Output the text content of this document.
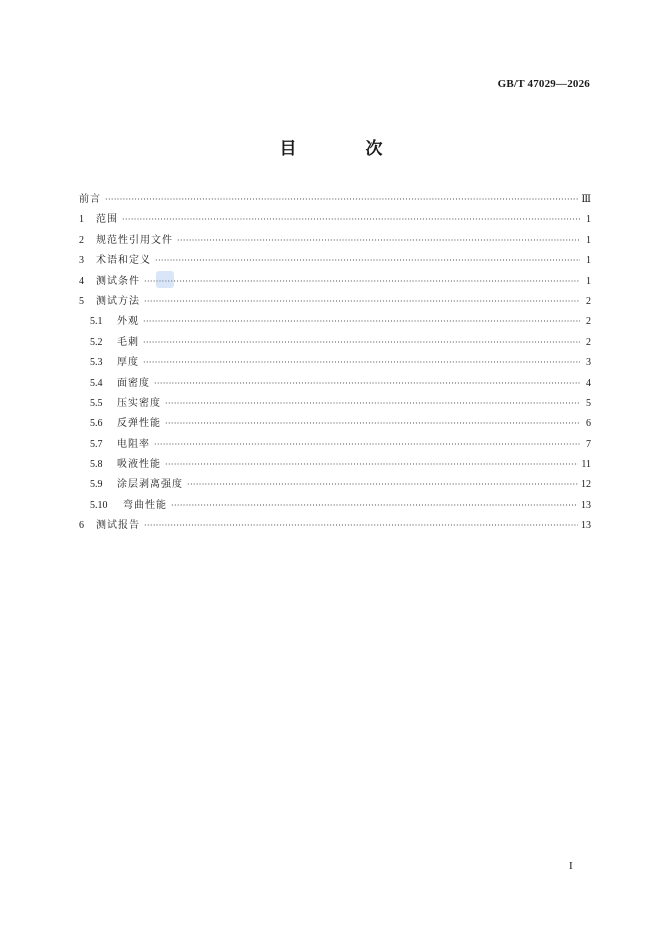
GB/T 47029—2026
目　次
前言 ·····	Ⅲ
1	范围 ·····	1
2	规范性引用文件 ·····	1
3	术语和定义 ·····	1
4	测试条件 ·····	1
5	测试方法 ·····	2
5.1	外观 ·····	2
5.2	毛刺 ·····	2
5.3	厚度 ·····	3
5.4	面密度 ·····	4
5.5	压实密度 ·····	5
5.6	反弹性能 ·····	6
5.7	电阻率 ·····	7
5.8	吸液性能 ·····	11
5.9	涂层剥离强度 ·····	12
5.10	弯曲性能 ·····	13
6	测试报告 ·····	13
I
